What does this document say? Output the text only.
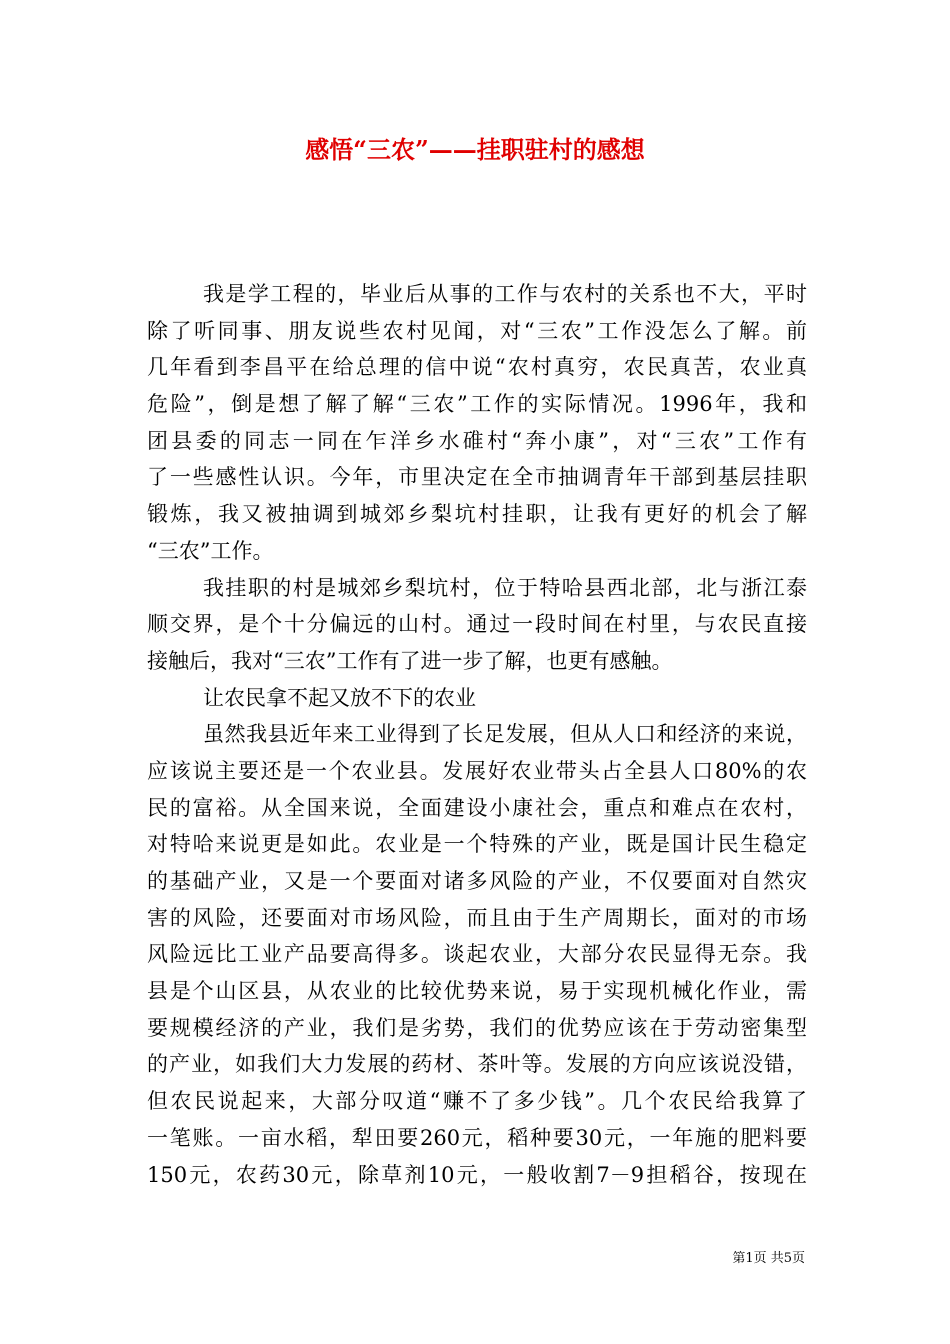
感悟“三农”——挂职驻村的感想
我是学工程的，毕业后从事的工作与农村的关系也不大，平时
除了听同事、朋友说些农村见闻，对“三农”工作没怎么了解。前
几年看到李昌平在给总理的信中说“农村真穷，农民真苦，农业真
危险”，倒是想了解了解“三农”工作的实际情况。1996年，我和
团县委的同志一同在乍洋乡水碓村“奔小康”，对“三农”工作有
了一些感性认识。今年，市里决定在全市抽调青年干部到基层挂职
锻炼，我又被抽调到城郊乡梨坑村挂职，让我有更好的机会了解
“三农”工作。
我挂职的村是城郊乡梨坑村，位于特哈县西北部，北与浙江泰
顺交界，是个十分偏远的山村。通过一段时间在村里，与农民直接
接触后，我对“三农”工作有了进一步了解，也更有感触。
让农民拿不起又放不下的农业
虽然我县近年来工业得到了长足发展，但从人口和经济的来说，
应该说主要还是一个农业县。发展好农业带头占全县人口80%的农
民的富裕。从全国来说，全面建设小康社会，重点和难点在农村，
对特哈来说更是如此。农业是一个特殊的产业，既是国计民生稳定
的基础产业，又是一个要面对诸多风险的产业，不仅要面对自然灾
害的风险，还要面对市场风险，而且由于生产周期长，面对的市场
风险远比工业产品要高得多。谈起农业，大部分农民显得无奈。我
县是个山区县，从农业的比较优势来说，易于实现机械化作业，需
要规模经济的产业，我们是劣势，我们的优势应该在于劳动密集型
的产业，如我们大力发展的药材、茶叶等。发展的方向应该说没错，
但农民说起来，大部分叹道“赚不了多少钱”。几个农民给我算了
一笔账。一亩水稻，犁田要260元，稻种要30元，一年施的肥料要
150元，农药30元，除草剂10元，一般收割7－9担稻谷，按现在
第1页 共5页
